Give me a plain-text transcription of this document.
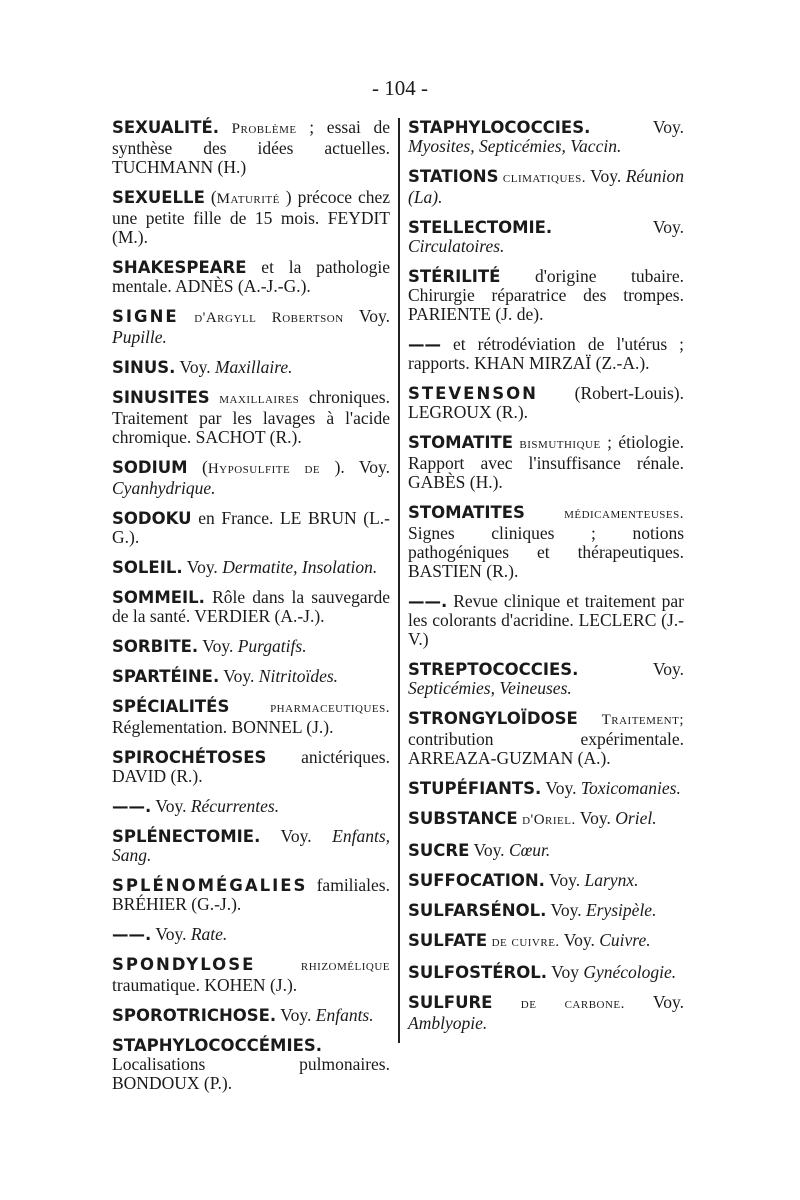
- 104 -

SEXUALITÉ. Problème ; essai de synthèse des idées actuelles. TUCHMANN (H.)

SEXUELLE (Maturité ) précoce chez une petite fille de 15 mois. FEYDIT (M.).

SHAKESPEARE et la pathologie mentale. ADNÈS (A.-J.-G.).

SIGNE d'Argyll Robertson Voy. Pupille.

SINUS. Voy. Maxillaire.

SINUSITES maxillaires chroniques. Traitement par les lavages à l'acide chromique. SACHOT (R.).

SODIUM (Hyposulfite de ). Voy. Cyanhydrique.

SODOKU en France. LE BRUN (L.-G.).

SOLEIL. Voy. Dermatite, Insolation.

SOMMEIL. Rôle dans la sauvegarde de la santé. VERDIER (A.-J.).

SORBITE. Voy. Purgatifs.

SPARTÉINE. Voy. Nitritoïdes.

SPÉCIALITÉS	pharmaceutiques. Réglementation. BONNEL (J.).

SPIROCHÉTOSES anictériques. DAVID (R.).

——. Voy. Récurrentes.

SPLÉNECTOMIE. Voy. Enfants, Sang.

SPLÉNOMÉGALIES familiales. BRÉHIER (G.-J.).

——. Voy. Rate.

SPONDYLOSE	rhizomélique traumatique. KOHEN (J.).

SPOROTRICHOSE. Voy. Enfants.

STAPHYLOCOCCÉMIES. Localisations pulmonaires. BONDOUX (P.).

STAPHYLOCOCCIES.	Voy. Myosites, Septicémies, Vaccin.

STATIONS climatiques. Voy. Réunion (La).

STELLECTOMIE.	Voy. Circulatoires.

STÉRILITÉ d'origine tubaire. Chirurgie réparatrice des trompes. PARIENTE (J. de).

—— et rétrodéviation de l'utérus ; rapports. KHAN MIRZAÏ (Z.-A.).

STEVENSON (Robert-Louis). LEGROUX (R.).

STOMATITE bismuthique ; étiologie. Rapport avec l'insuffisance rénale. GABÈS (H.).

STOMATITES	médicamenteuses. Signes cliniques ; notions pathogéniques et thérapeutiques. BASTIEN (R.).

——. Revue clinique et traitement par les colorants d'acridine. LECLERC (J.-V.)

STREPTOCOCCIES.	Voy. Septicémies, Veineuses.

STRONGYLOÏDOSE Traitement; contribution expérimentale. ARREAZA-GUZMAN (A.).

STUPÉFIANTS. Voy. Toxicomanies.

SUBSTANCE d'Oriel. Voy. Oriel.

SUCRE Voy. Cœur.

SUFFOCATION. Voy. Larynx.

SULFARSÉNOL. Voy. Erysipèle.

SULFATE de cuivre. Voy. Cuivre.

SULFOSTÉROL. Voy Gynécologie.

SULFURE de carbone. Voy. Amblyopie.
